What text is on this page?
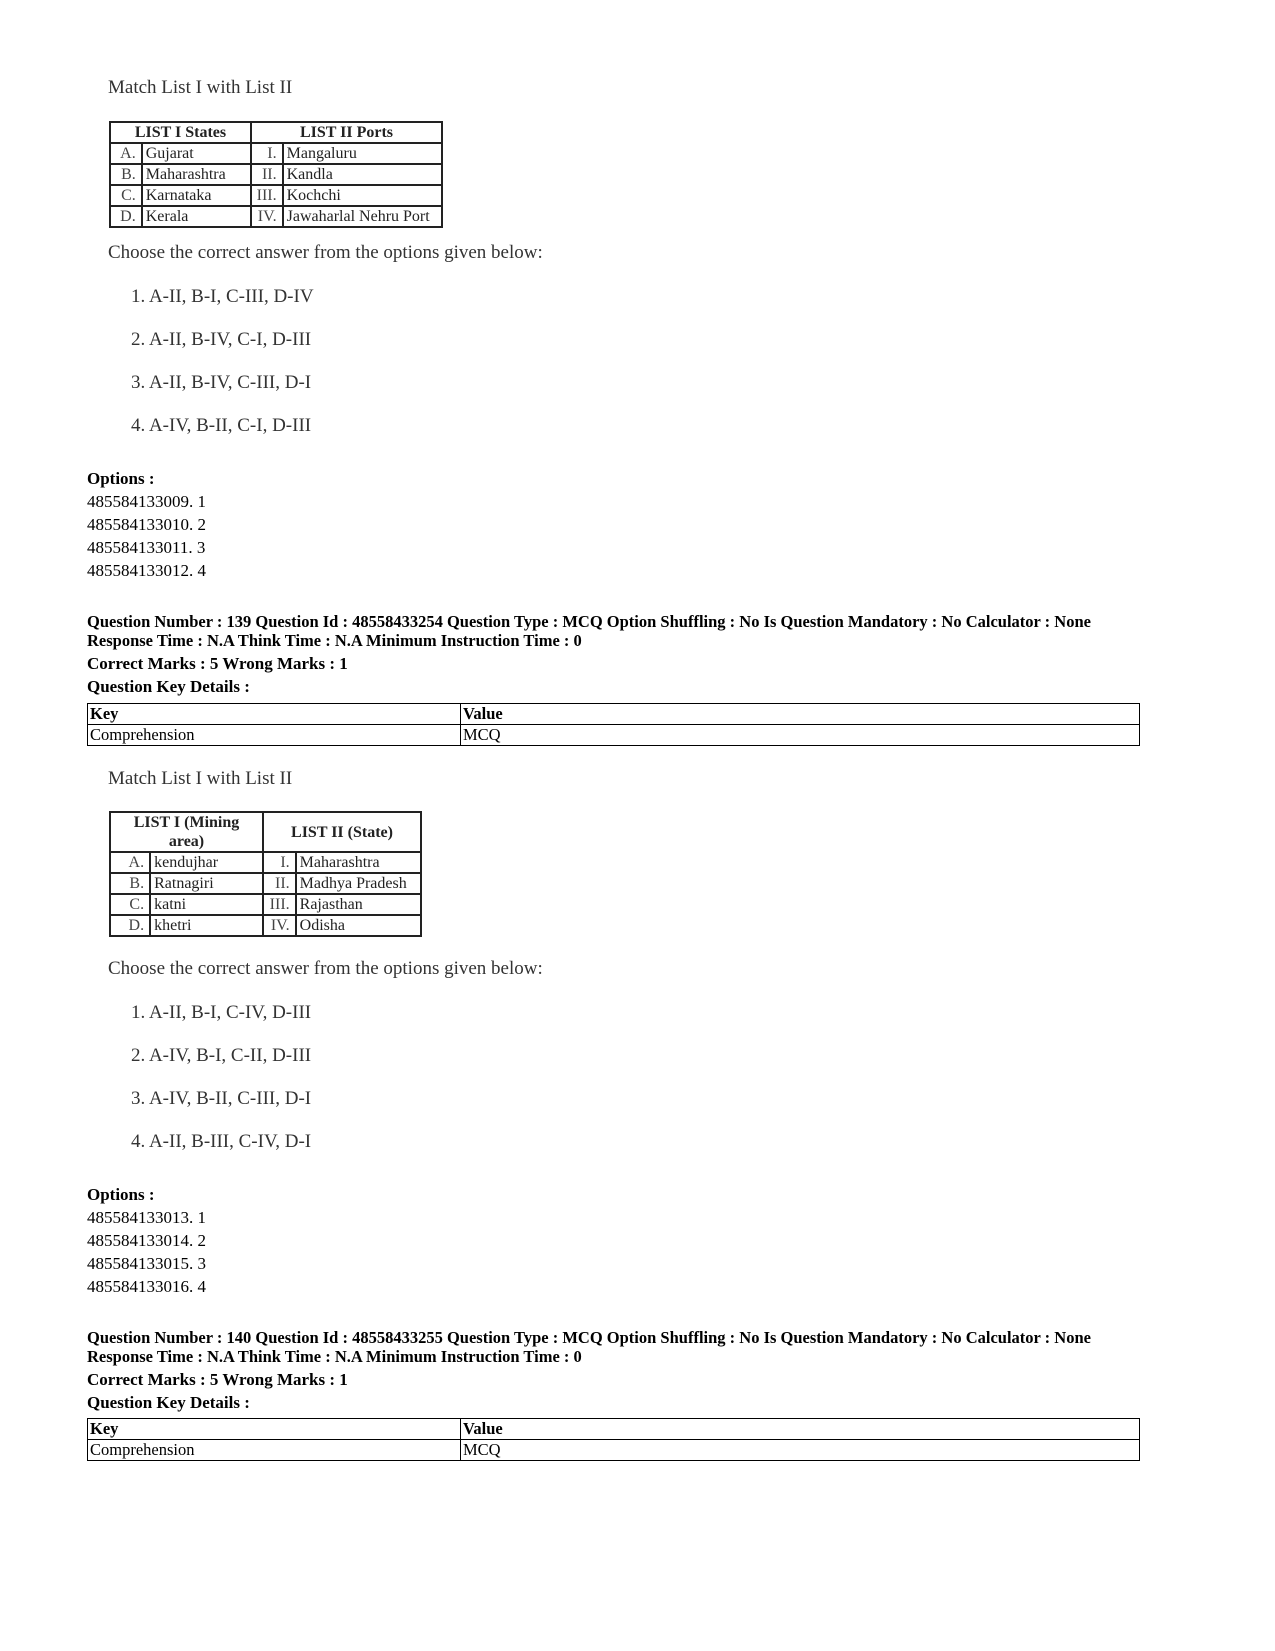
Match List I with List II
LIST I States		LIST II Ports	
A.	Gujarat	I.	Mangaluru
B.	Maharashtra	II.	Kandla
C.	Karnataka	III.	Kochchi
D.	Kerala	IV.	Jawaharlal Nehru Port
Choose the correct answer from the options given below:
1. A-II, B-I, C-III, D-IV
2. A-II, B-IV, C-I, D-III
3. A-II, B-IV, C-III, D-I
4. A-IV, B-II, C-I, D-III
Options :
485584133009. 1
485584133010. 2
485584133011. 3
485584133012. 4
Question Number : 139 Question Id : 48558433254 Question Type : MCQ Option Shuffling : No Is Question Mandatory : No Calculator : None
Response Time : N.A Think Time : N.A Minimum Instruction Time : 0
Correct Marks : 5 Wrong Marks : 1
Question Key Details :
Key	Value
Comprehension	MCQ
Match List I with List II
LIST I (Mining
area)		LIST II (State)	
A.	kendujhar	I.	Maharashtra
B.	Ratnagiri	II.	Madhya Pradesh
C.	katni	III.	Rajasthan
D.	khetri	IV.	Odisha
Choose the correct answer from the options given below:
1. A-II, B-I, C-IV, D-III
2. A-IV, B-I, C-II, D-III
3. A-IV, B-II, C-III, D-I
4. A-II, B-III, C-IV, D-I
Options :
485584133013. 1
485584133014. 2
485584133015. 3
485584133016. 4
Question Number : 140 Question Id : 48558433255 Question Type : MCQ Option Shuffling : No Is Question Mandatory : No Calculator : None
Response Time : N.A Think Time : N.A Minimum Instruction Time : 0
Correct Marks : 5 Wrong Marks : 1
Question Key Details :
Key	Value
Comprehension	MCQ
